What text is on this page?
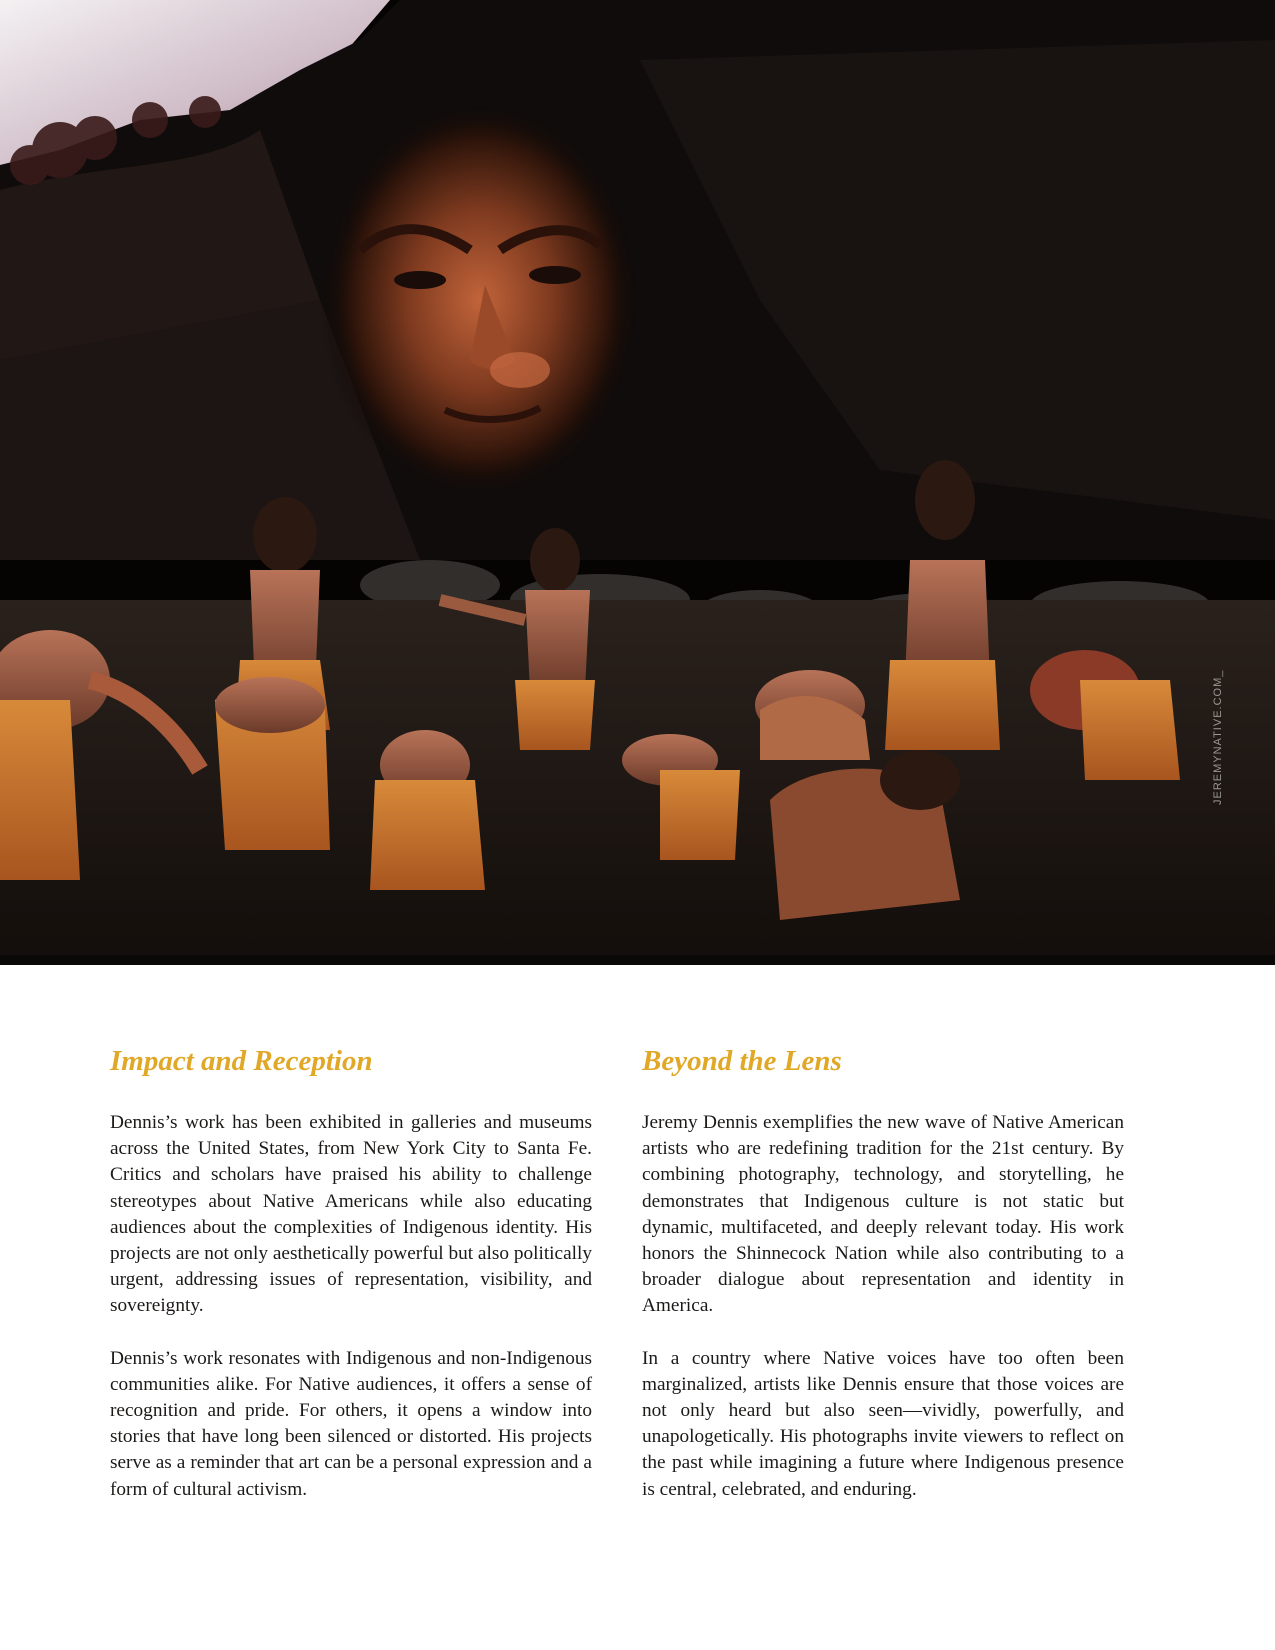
JEREMYNATIVE.COM_
Impact and Reception

Dennis’s work has been exhibited in galleries and museums across the United States, from New York City to Santa Fe. Critics and scholars have praised his ability to challenge stereotypes about Native Americans while also educating audiences about the complexities of Indigenous identity. His projects are not only aesthetically powerful but also politically urgent, addressing issues of representation, visibility, and sovereignty.

Dennis’s work resonates with Indigenous and non-Indigenous communities alike. For Native audiences, it offers a sense of recognition and pride. For others, it opens a window into stories that have long been silenced or distorted. His projects serve as a reminder that art can be a personal expression and a form of cultural activism.

Beyond the Lens

Jeremy Dennis exemplifies the new wave of Native American artists who are redefining tradition for the 21st century. By combining photography, technology, and storytelling, he demonstrates that Indigenous culture is not static but dynamic, multifaceted, and deeply relevant today. His work honors the Shinnecock Nation while also contributing to a broader dialogue about representation and identity in America.

In a country where Native voices have too often been marginalized, artists like Dennis ensure that those voices are not only heard but also seen—vividly, powerfully, and unapologetically. His photographs invite viewers to reflect on the past while imagining a future where Indigenous presence is central, celebrated, and enduring.
